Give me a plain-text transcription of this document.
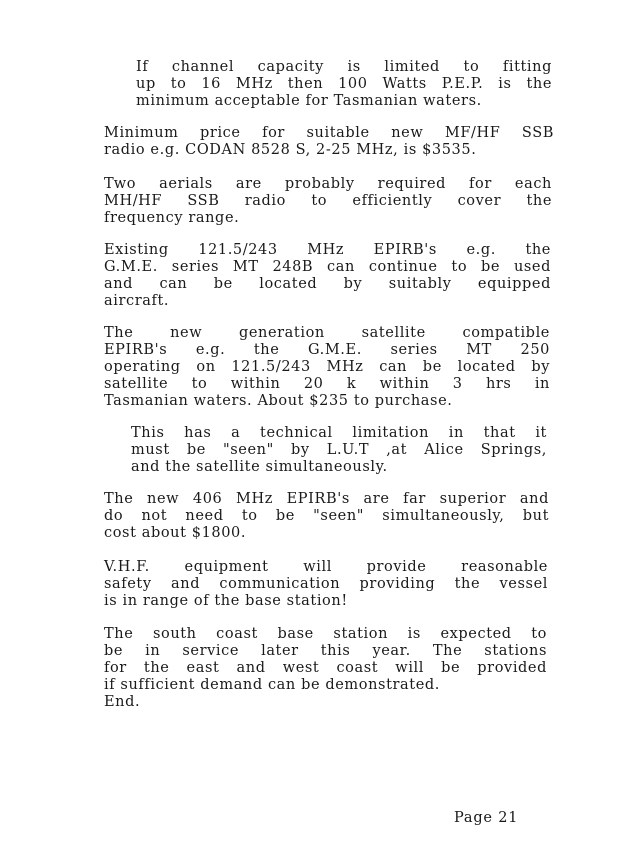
If channel capacity is limited to fitting
up to 16 MHz then 100 Watts P.E.P. is the
minimum acceptable for Tasmanian waters.

Minimum price for suitable new MF/HF SSB
radio e.g. CODAN 8528 S, 2-25 MHz, is $3535.

Two aerials are probably required for each
MH/HF SSB radio to efficiently cover the
frequency range.

Existing 121.5/243 MHz EPIRB's e.g. the
G.M.E. series MT 248B can continue to be used
and can be located by suitably equipped
aircraft.

The new generation satellite compatible
EPIRB's e.g. the G.M.E. series MT 250
operating on 121.5/243 MHz can be located by
satellite to within 20 k within 3 hrs in
Tasmanian waters. About $235 to purchase.

This has a technical limitation in that it
must be "seen" by L.U.T ,at Alice Springs,
and the satellite simultaneously.

The new 406 MHz EPIRB's are far superior and
do not need to be "seen" simultaneously, but
cost about $1800.

V.H.F. equipment will provide reasonable
safety and communication providing the vessel
is in range of the base station!

The south coast base station is expected to
be in service later this year. The stations
for the east and west coast will be provided
if sufficient demand can be demonstrated.
End.

Page 21
